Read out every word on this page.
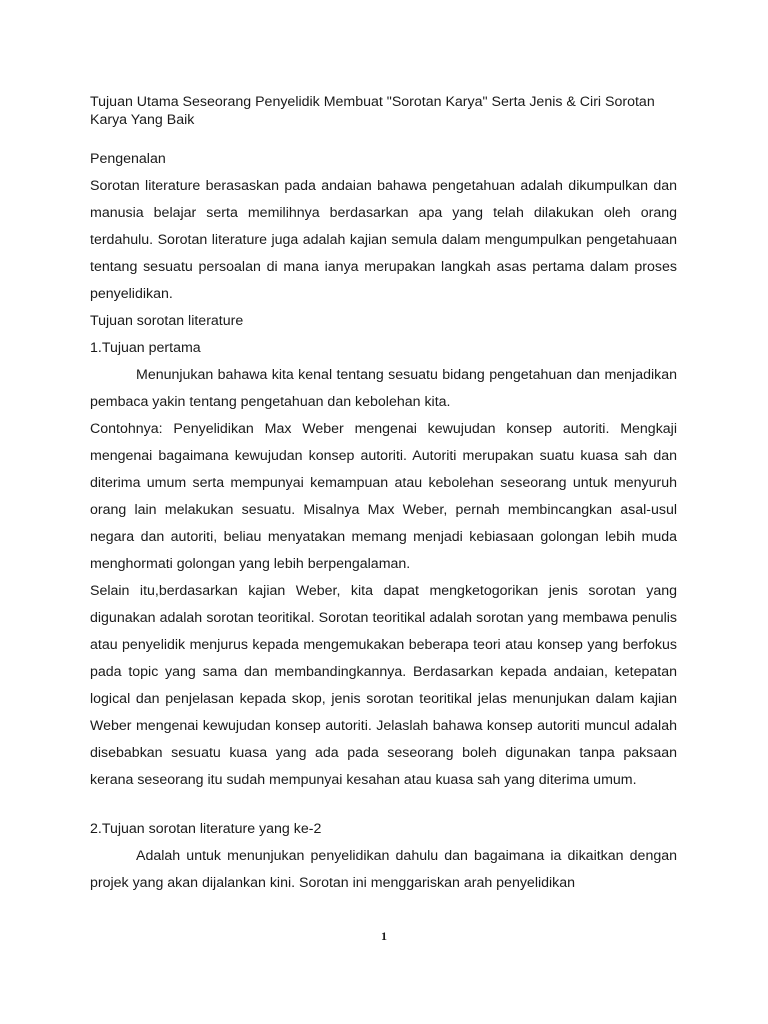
Tujuan Utama Seseorang Penyelidik Membuat "Sorotan Karya" Serta Jenis & Ciri Sorotan Karya Yang Baik

Pengenalan

Sorotan literature berasaskan pada andaian bahawa pengetahuan adalah dikumpulkan dan manusia belajar serta memilihnya berdasarkan apa yang telah dilakukan oleh orang terdahulu. Sorotan literature juga adalah kajian semula dalam mengumpulkan pengetahuaan tentang sesuatu persoalan di mana ianya merupakan langkah asas pertama dalam proses penyelidikan.

Tujuan sorotan literature

1.Tujuan pertama

Menunjukan bahawa kita kenal tentang sesuatu bidang pengetahuan dan menjadikan pembaca yakin tentang pengetahuan dan kebolehan kita.

Contohnya: Penyelidikan Max Weber mengenai kewujudan konsep autoriti. Mengkaji mengenai bagaimana kewujudan konsep autoriti. Autoriti merupakan suatu kuasa sah dan diterima umum serta mempunyai kemampuan atau kebolehan seseorang untuk menyuruh orang lain melakukan sesuatu. Misalnya Max Weber, pernah membincangkan asal-usul negara dan autoriti, beliau menyatakan memang menjadi kebiasaan golongan lebih muda menghormati golongan yang lebih berpengalaman.

Selain itu,berdasarkan kajian Weber, kita dapat mengketogorikan jenis sorotan yang digunakan adalah sorotan teoritikal. Sorotan teoritikal adalah sorotan yang membawa penulis atau penyelidik menjurus kepada mengemukakan beberapa teori atau konsep yang berfokus pada topic yang sama dan membandingkannya. Berdasarkan kepada andaian, ketepatan logical dan penjelasan kepada skop, jenis sorotan teoritikal jelas menunjukan dalam kajian Weber mengenai kewujudan konsep autoriti. Jelaslah bahawa konsep autoriti muncul adalah disebabkan sesuatu kuasa yang ada pada seseorang boleh digunakan tanpa paksaan kerana seseorang itu sudah mempunyai kesahan atau kuasa sah yang diterima umum.

2.Tujuan sorotan literature yang ke-2

Adalah untuk menunjukan penyelidikan dahulu dan bagaimana ia dikaitkan dengan projek yang akan dijalankan kini. Sorotan ini menggariskan arah penyelidikan

1
